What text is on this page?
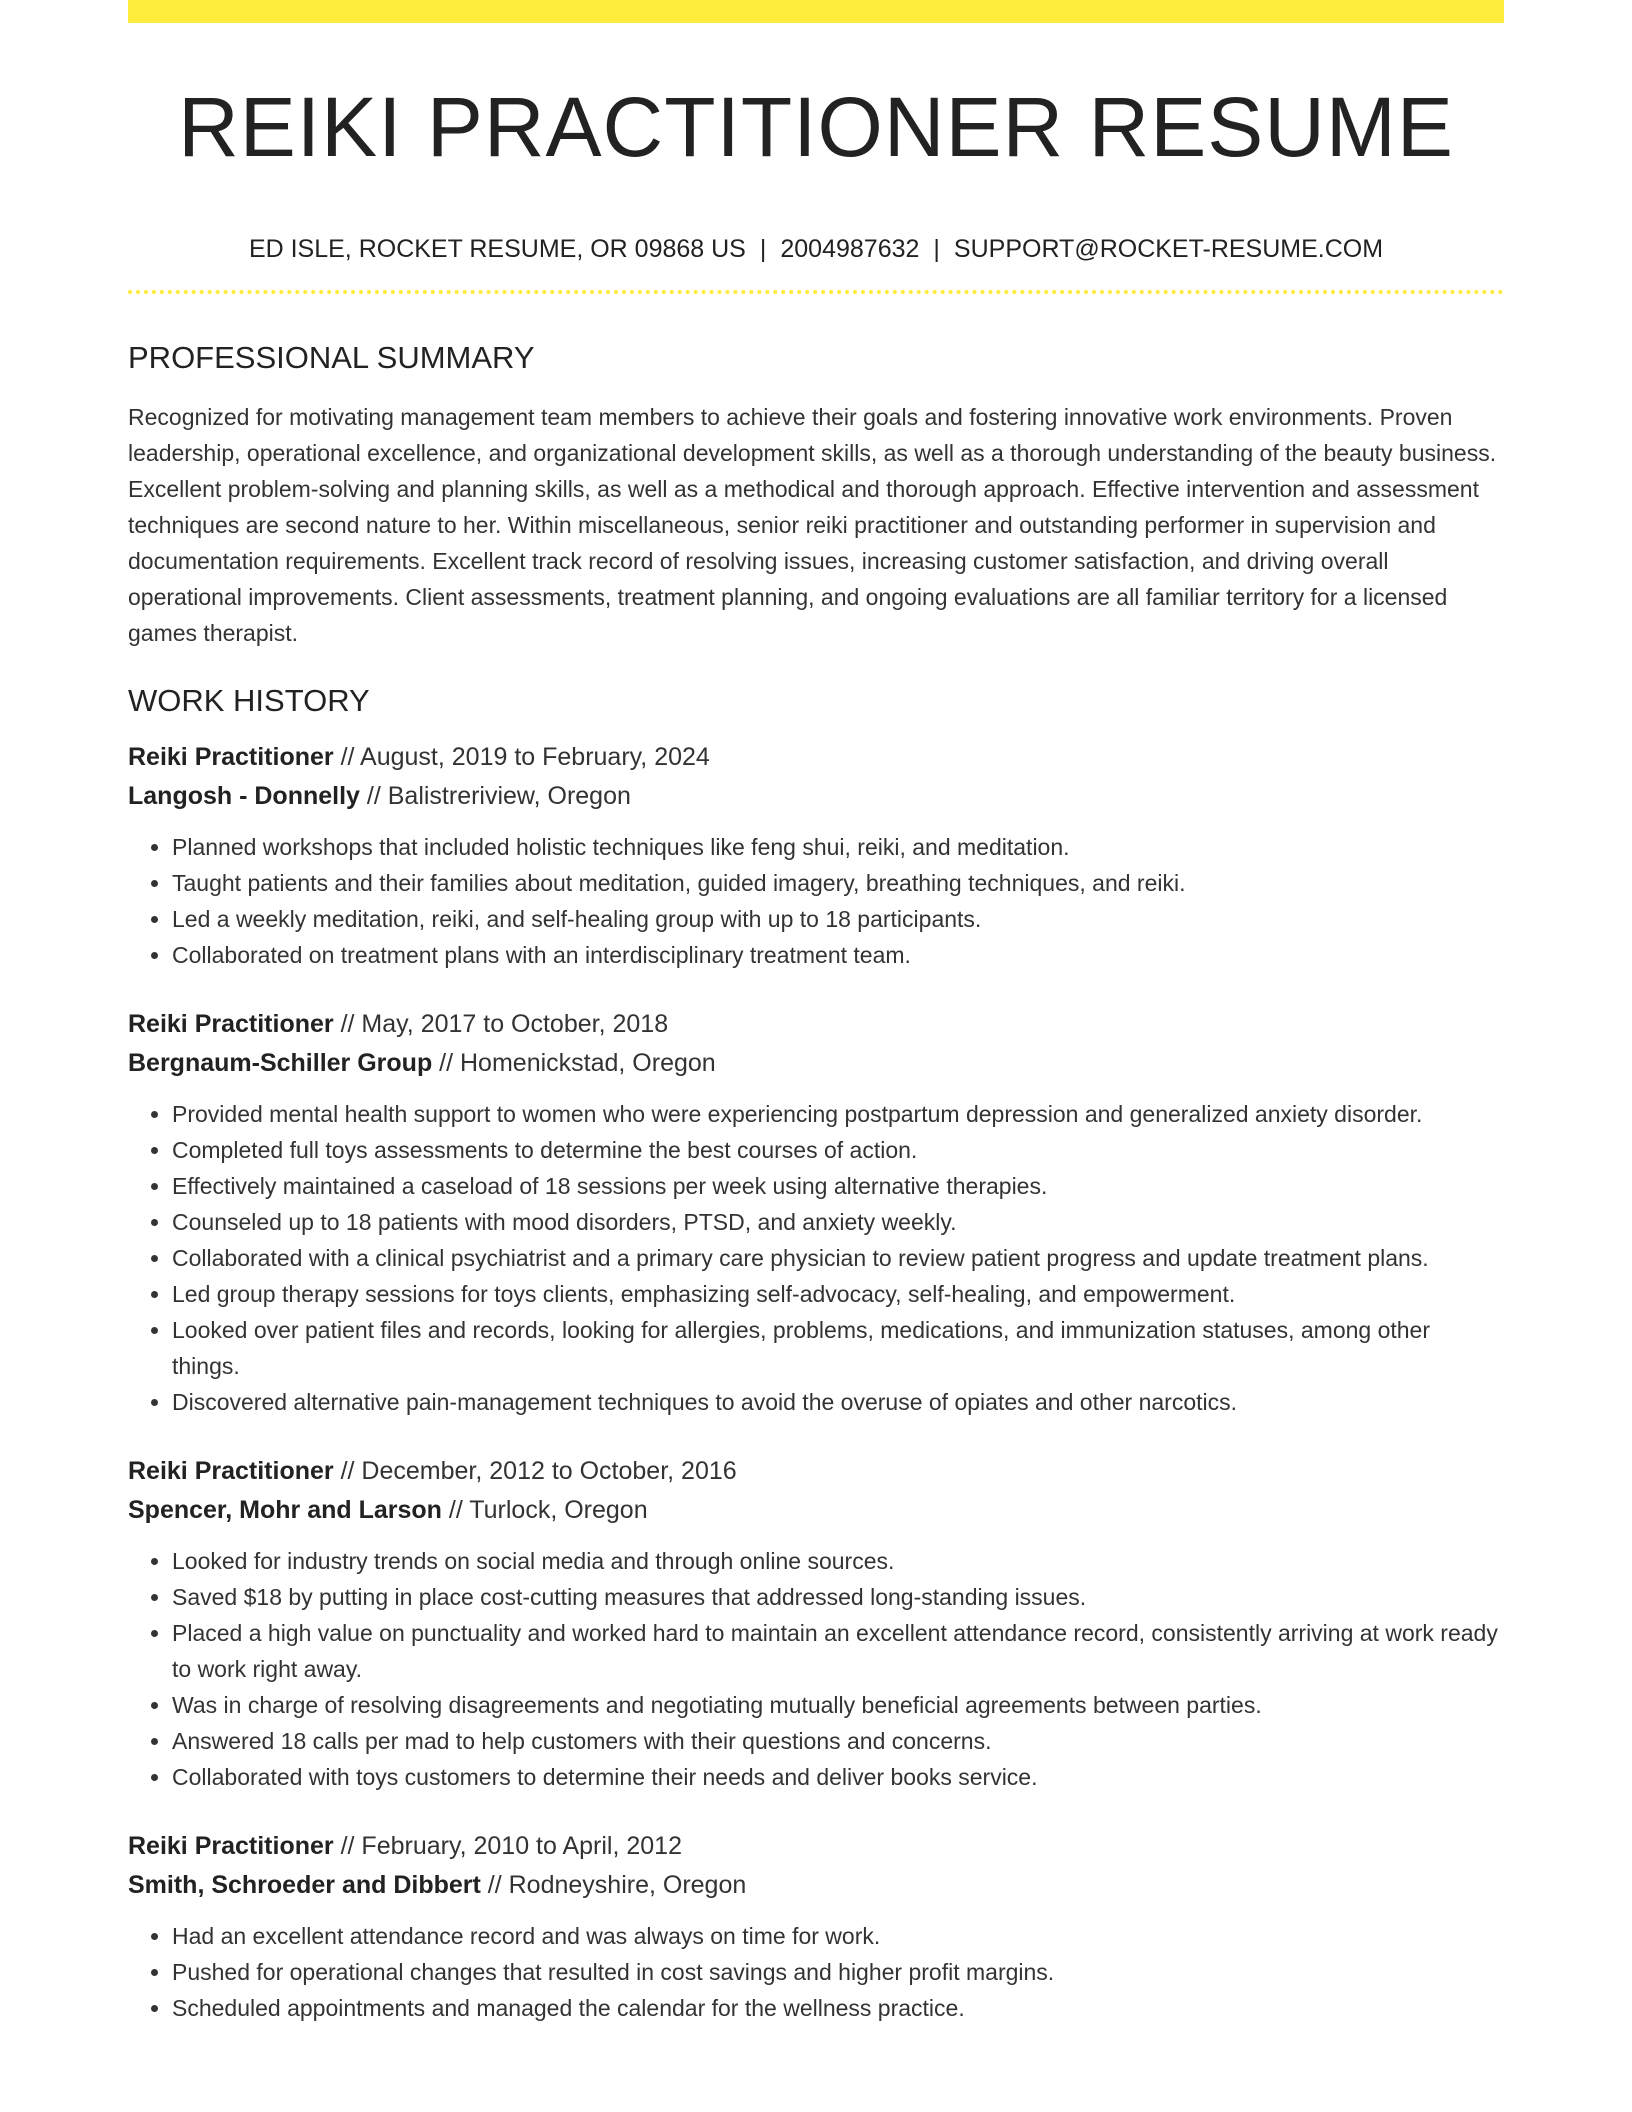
REIKI PRACTITIONER RESUME
ED ISLE, ROCKET RESUME, OR 09868 US | 2004987632 | SUPPORT@ROCKET-RESUME.COM
PROFESSIONAL SUMMARY

Recognized for motivating management team members to achieve their goals and fostering innovative work environments. Proven leadership, operational excellence, and organizational development skills, as well as a thorough understanding of the beauty business. Excellent problem-solving and planning skills, as well as a methodical and thorough approach. Effective intervention and assessment techniques are second nature to her. Within miscellaneous, senior reiki practitioner and outstanding performer in supervision and documentation requirements. Excellent track record of resolving issues, increasing customer satisfaction, and driving overall operational improvements. Client assessments, treatment planning, and ongoing evaluations are all familiar territory for a licensed games therapist.

WORK HISTORY
Reiki Practitioner // August, 2019 to February, 2024
Langosh - Donnelly // Balistreriview, Oregon
• Planned workshops that included holistic techniques like feng shui, reiki, and meditation.
• Taught patients and their families about meditation, guided imagery, breathing techniques, and reiki.
• Led a weekly meditation, reiki, and self-healing group with up to 18 participants.
• Collaborated on treatment plans with an interdisciplinary treatment team.
Reiki Practitioner // May, 2017 to October, 2018
Bergnaum-Schiller Group // Homenickstad, Oregon
• Provided mental health support to women who were experiencing postpartum depression and generalized anxiety disorder.
• Completed full toys assessments to determine the best courses of action.
• Effectively maintained a caseload of 18 sessions per week using alternative therapies.
• Counseled up to 18 patients with mood disorders, PTSD, and anxiety weekly.
• Collaborated with a clinical psychiatrist and a primary care physician to review patient progress and update treatment plans.
• Led group therapy sessions for toys clients, emphasizing self-advocacy, self-healing, and empowerment.
• Looked over patient files and records, looking for allergies, problems, medications, and immunization statuses, among other things.
• Discovered alternative pain-management techniques to avoid the overuse of opiates and other narcotics.
Reiki Practitioner // December, 2012 to October, 2016
Spencer, Mohr and Larson // Turlock, Oregon
• Looked for industry trends on social media and through online sources.
• Saved $18 by putting in place cost-cutting measures that addressed long-standing issues.
• Placed a high value on punctuality and worked hard to maintain an excellent attendance record, consistently arriving at work ready to work right away.
• Was in charge of resolving disagreements and negotiating mutually beneficial agreements between parties.
• Answered 18 calls per mad to help customers with their questions and concerns.
• Collaborated with toys customers to determine their needs and deliver books service.
Reiki Practitioner // February, 2010 to April, 2012
Smith, Schroeder and Dibbert // Rodneyshire, Oregon
• Had an excellent attendance record and was always on time for work.
• Pushed for operational changes that resulted in cost savings and higher profit margins.
• Scheduled appointments and managed the calendar for the wellness practice.
